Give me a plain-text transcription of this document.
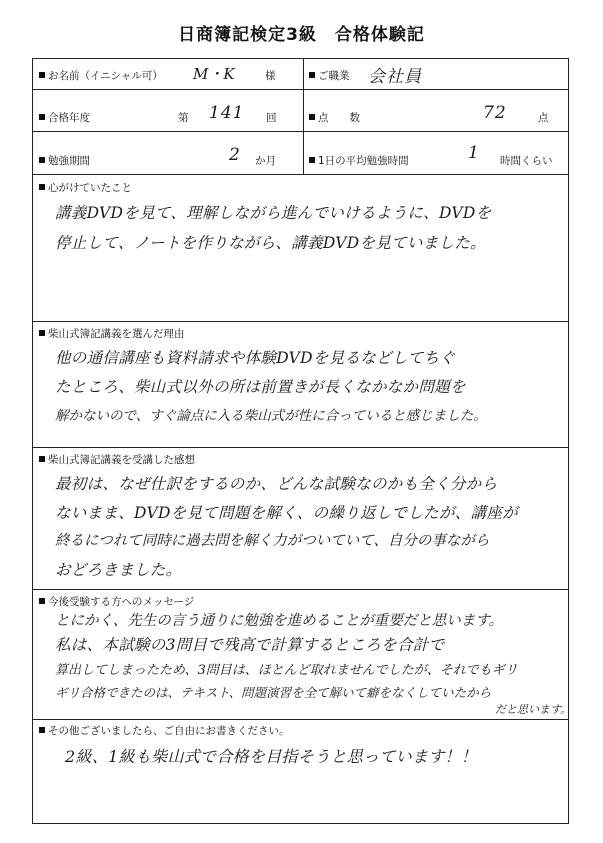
日商簿記検定3級　合格体験記
お名前（イニシャル可） M・K	様	ご職業 会社員
合格年度	第 141 回	点　　数	72	点
勉強期間	2 か月	1日の平均勉強時間	1 時間くらい
心がけていたこと
講義DVDを見て、理解しながら進んでいけるように、DVDを
停止して、ノートを作りながら、講義DVDを見ていました。
柴山式簿記講義を選んだ理由
他の通信講座も資料請求や体験DVDを見るなどしてちぐ
たところ、柴山式以外の所は前置きが長くなかなか問題を
解かないので、すぐ論点に入る柴山式が性に合っていると感じました。
柴山式簿記講義を受講した感想
最初は、なぜ仕訳をするのか、どんな試験なのかも全く分から
ないまま、DVDを見て問題を解く、の繰り返しでしたが、講座が
終るにつれて同時に過去問を解く力がついていて、自分の事ながら
おどろきました。
今後受験する方へのメッセージ
とにかく、先生の言う通りに勉強を進めることが重要だと思います。
私は、本試験の3問目で残高で計算するところを合計で
算出してしまったため、3問目は、ほとんど取れませんでしたが、それでもギリ
ギリ合格できたのは、テキスト、問題演習を全て解いて癖をなくしていたから
だと思います。
その他ございましたら、ご自由にお書きください。
2級、1級も柴山式で合格を目指そうと思っています！！
